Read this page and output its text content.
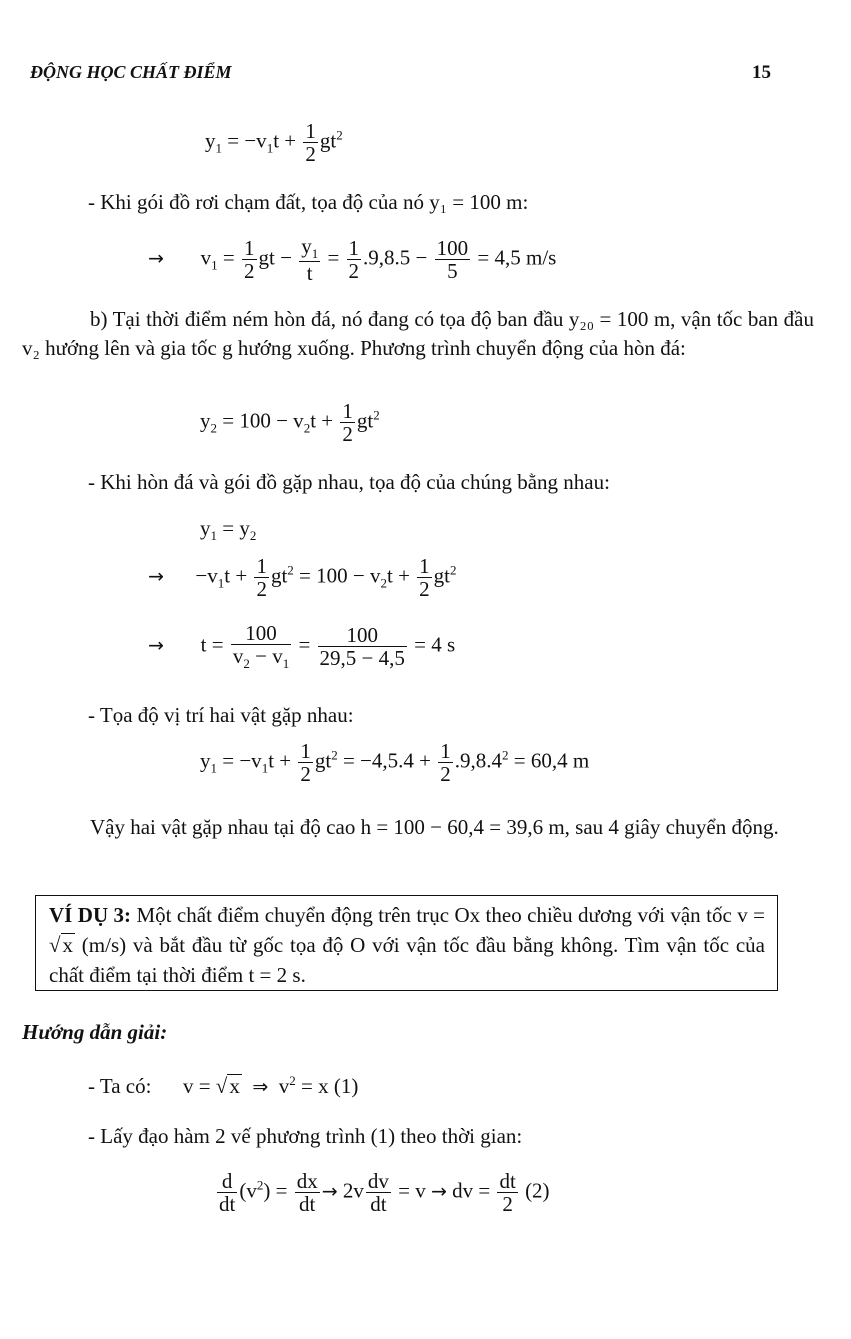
ĐỘNG HỌC CHẤT ĐIỂM	15
$y_1 = -v_1t + \frac{1}{2} gt^2$
- Khi gói đồ rơi chạm đất, tọa độ của nó y₁ = 100 m:
→ $v_1 = \frac{1}{2}$ gt − $\frac{y_1}{t} = \frac{1}{2} .9,8.5 - \frac{100}{5} = 4,5$ m/s
b) Tại thời điểm ném hòn đá, nó đang có tọa độ ban đầu y₂₀ = 100 m, vận tốc ban đầu v₂ hướng lên và gia tốc g hướng xuống. Phương trình chuyển động của hòn đá:
$y_2 = 100 - v_2t + \frac{1}{2} gt^2$
- Khi hòn đá và gói đồ gặp nhau, tọa độ của chúng bằng nhau:
$y_1 = y_2$
→ $-v_1t + \frac{1}{2} gt^2 = 100 - v_2t + \frac{1}{2} gt^2$
→ $t = \frac{100}{v_2 - v_1} = \frac{100}{29,5 - 4,5} = 4$ s
- Tọa độ vị trí hai vật gặp nhau:
$y_1 = -v_1t + \frac{1}{2} gt^2 = -4,5.4 + \frac{1}{2} .9,8.4^2 = 60,4$ m
Vậy hai vật gặp nhau tại độ cao h = 100 − 60,4 = 39,6 m, sau 4 giây chuyển động.
VÍ DỤ 3: Một chất điểm chuyển động trên trục Ox theo chiều dương với vận tốc v = √x (m/s) và bắt đầu từ gốc tọa độ O với vận tốc đầu bằng không. Tìm vận tốc của chất điểm tại thời điểm t = 2 s.
Hướng dẫn giải:
- Ta có: v = √x ⇒ $v^2 = x$ (1)
- Lấy đạo hàm 2 vế phương trình (1) theo thời gian:
$\frac{d}{dt} (v^2) = \frac{dx}{dt} \to 2v \frac{dv}{dt} = v$ → dv = $\frac{dt}{2} (2)$
